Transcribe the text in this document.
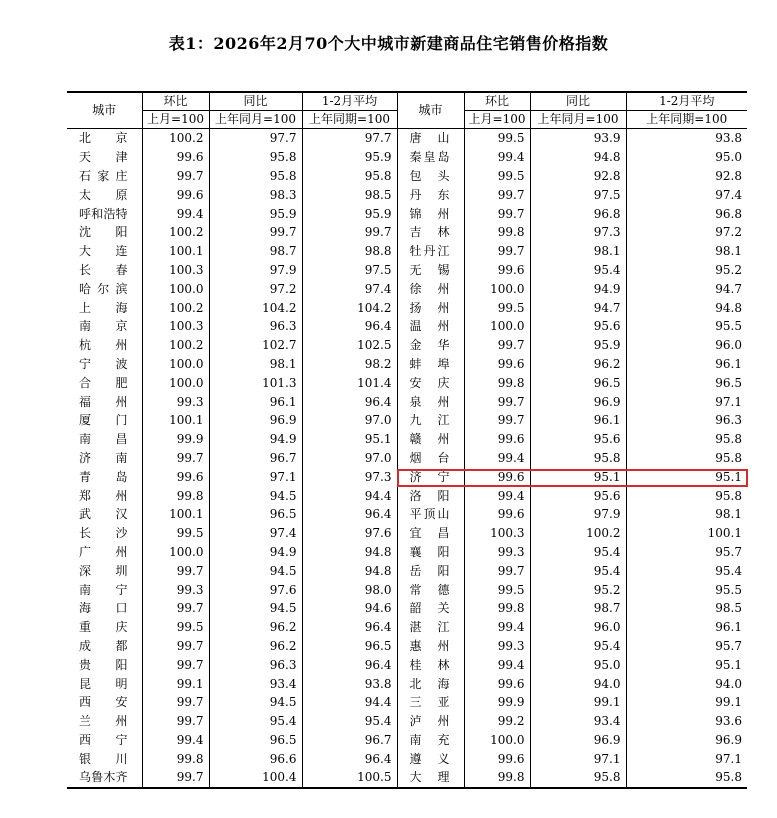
表1：2026年2月70个大中城市新建商品住宅销售价格指数
城市	环比	同比	1-2月平均	城市	环比	同比	1-2月平均
	上月=100	上年同月=100	上年同期=100		上月=100	上年同月=100	上年同期=100
北　京	100.2	97.7	97.7	唐　山	99.5	93.9	93.8
天　津	99.6	95.8	95.9	秦皇岛	99.4	94.8	95.0
石家庄	99.7	95.8	95.8	包　头	99.5	92.8	92.8
太　原	99.6	98.3	98.5	丹　东	99.7	97.5	97.4
呼和浩特	99.4	95.9	95.9	锦　州	99.7	96.8	96.8
沈　阳	100.2	99.7	99.7	吉　林	99.8	97.3	97.2
大　连	100.1	98.7	98.8	牡丹江	99.7	98.1	98.1
长　春	100.3	97.9	97.5	无　锡	99.6	95.4	95.2
哈尔滨	100.0	97.2	97.4	徐　州	100.0	94.9	94.7
上　海	100.2	104.2	104.2	扬　州	99.5	94.7	94.8
南　京	100.3	96.3	96.4	温　州	100.0	95.6	95.5
杭　州	100.2	102.7	102.5	金　华	99.7	95.9	96.0
宁　波	100.0	98.1	98.2	蚌　埠	99.6	96.2	96.1
合　肥	100.0	101.3	101.4	安　庆	99.8	96.5	96.5
福　州	99.3	96.1	96.4	泉　州	99.7	96.9	97.1
厦　门	100.1	96.9	97.0	九　江	99.7	96.1	96.3
南　昌	99.9	94.9	95.1	赣　州	99.6	95.6	95.8
济　南	99.7	96.7	97.0	烟　台	99.4	95.8	95.8
青　岛	99.6	97.1	97.3	济　宁	99.6	95.1	95.1
郑　州	99.8	94.5	94.4	洛　阳	99.4	95.6	95.8
武　汉	100.1	96.5	96.4	平顶山	99.6	97.9	98.1
长　沙	99.5	97.4	97.6	宜　昌	100.3	100.2	100.1
广　州	100.0	94.9	94.8	襄　阳	99.3	95.4	95.7
深　圳	99.7	94.5	94.8	岳　阳	99.7	95.4	95.4
南　宁	99.3	97.6	98.0	常　德	99.5	95.2	95.5
海　口	99.7	94.5	94.6	韶　关	99.8	98.7	98.5
重　庆	99.5	96.2	96.4	湛　江	99.4	96.0	96.1
成　都	99.7	96.2	96.5	惠　州	99.3	95.4	95.7
贵　阳	99.7	96.3	96.4	桂　林	99.4	95.0	95.1
昆　明	99.1	93.4	93.8	北　海	99.6	94.0	94.0
西　安	99.7	94.5	94.4	三　亚	99.9	99.1	99.1
兰　州	99.7	95.4	95.4	泸　州	99.2	93.4	93.6
西　宁	99.4	96.5	96.7	南　充	100.0	96.9	96.9
银　川	99.8	96.6	96.4	遵　义	99.6	97.1	97.1
乌鲁木齐	99.7	100.4	100.5	大　理	99.8	95.8	95.8
